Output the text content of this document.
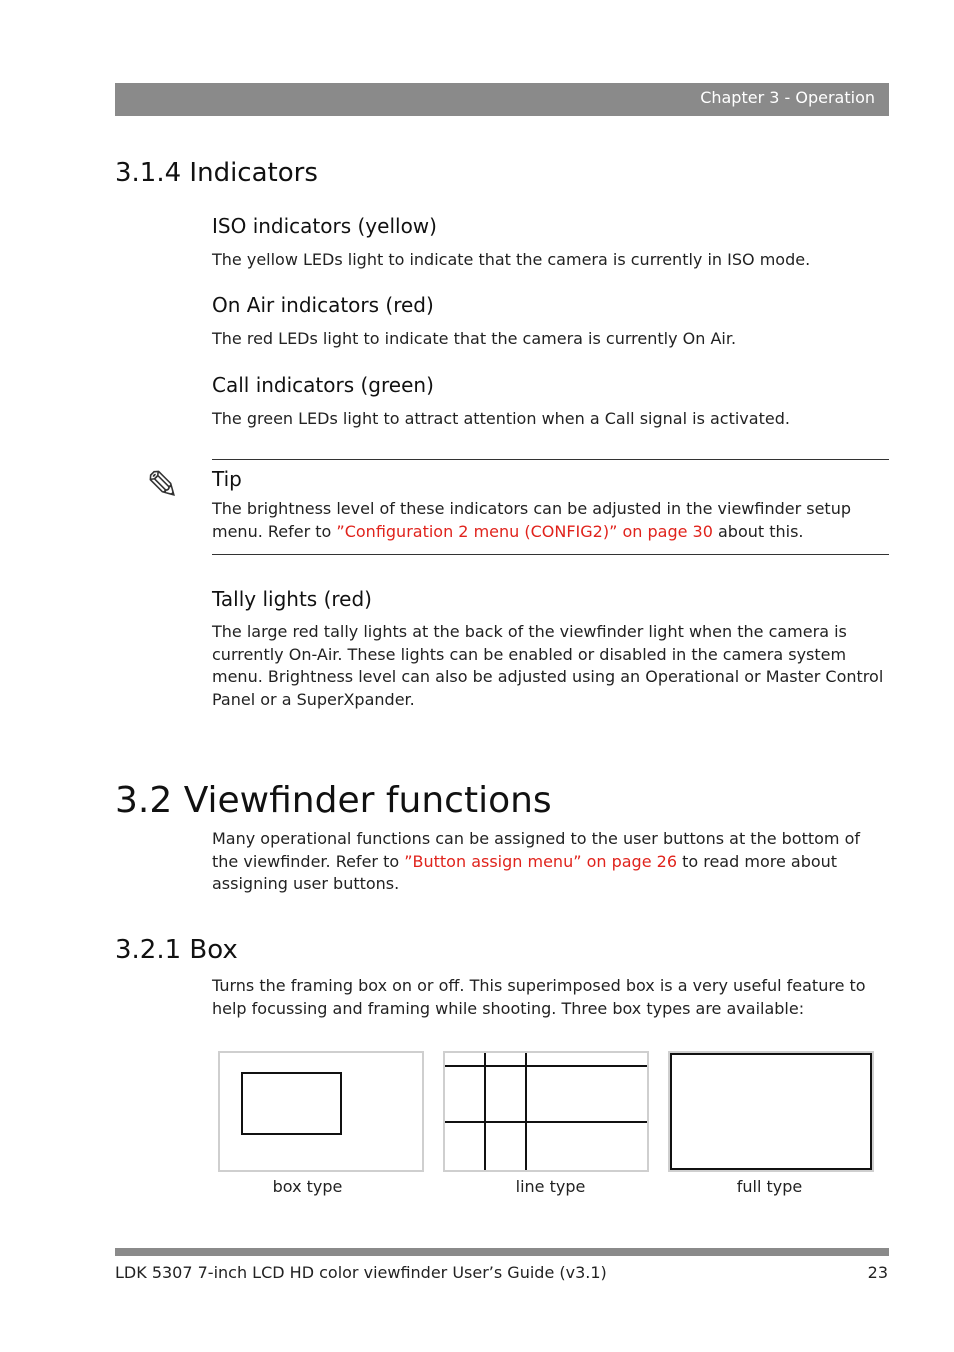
Chapter 3 - Operation
3.1.4 Indicators
ISO indicators (yellow)
The yellow LEDs light to indicate that the camera is currently in ISO mode.
On Air indicators (red)
The red LEDs light to indicate that the camera is currently On Air.
Call indicators (green)
The green LEDs light to attract attention when a Call signal is activated.
✎ Tip
The brightness level of these indicators can be adjusted in the viewfinder setup menu. Refer to ”Configuration 2 menu (CONFIG2)” on page 30 about this.
Tally lights (red)
The large red tally lights at the back of the viewfinder light when the camera is currently On-Air. These lights can be enabled or disabled in the camera system menu. Brightness level can also be adjusted using an Operational or Master Control Panel or a SuperXpander.
3.2 Viewfinder functions
Many operational functions can be assigned to the user buttons at the bottom of the viewfinder. Refer to ”Button assign menu” on page 26 to read more about assigning user buttons.
3.2.1 Box
Turns the framing box on or off. This superimposed box is a very useful feature to help focussing and framing while shooting. Three box types are available:
box type	line type	full type
LDK 5307 7-inch LCD HD color viewfinder User’s Guide (v3.1)	23
